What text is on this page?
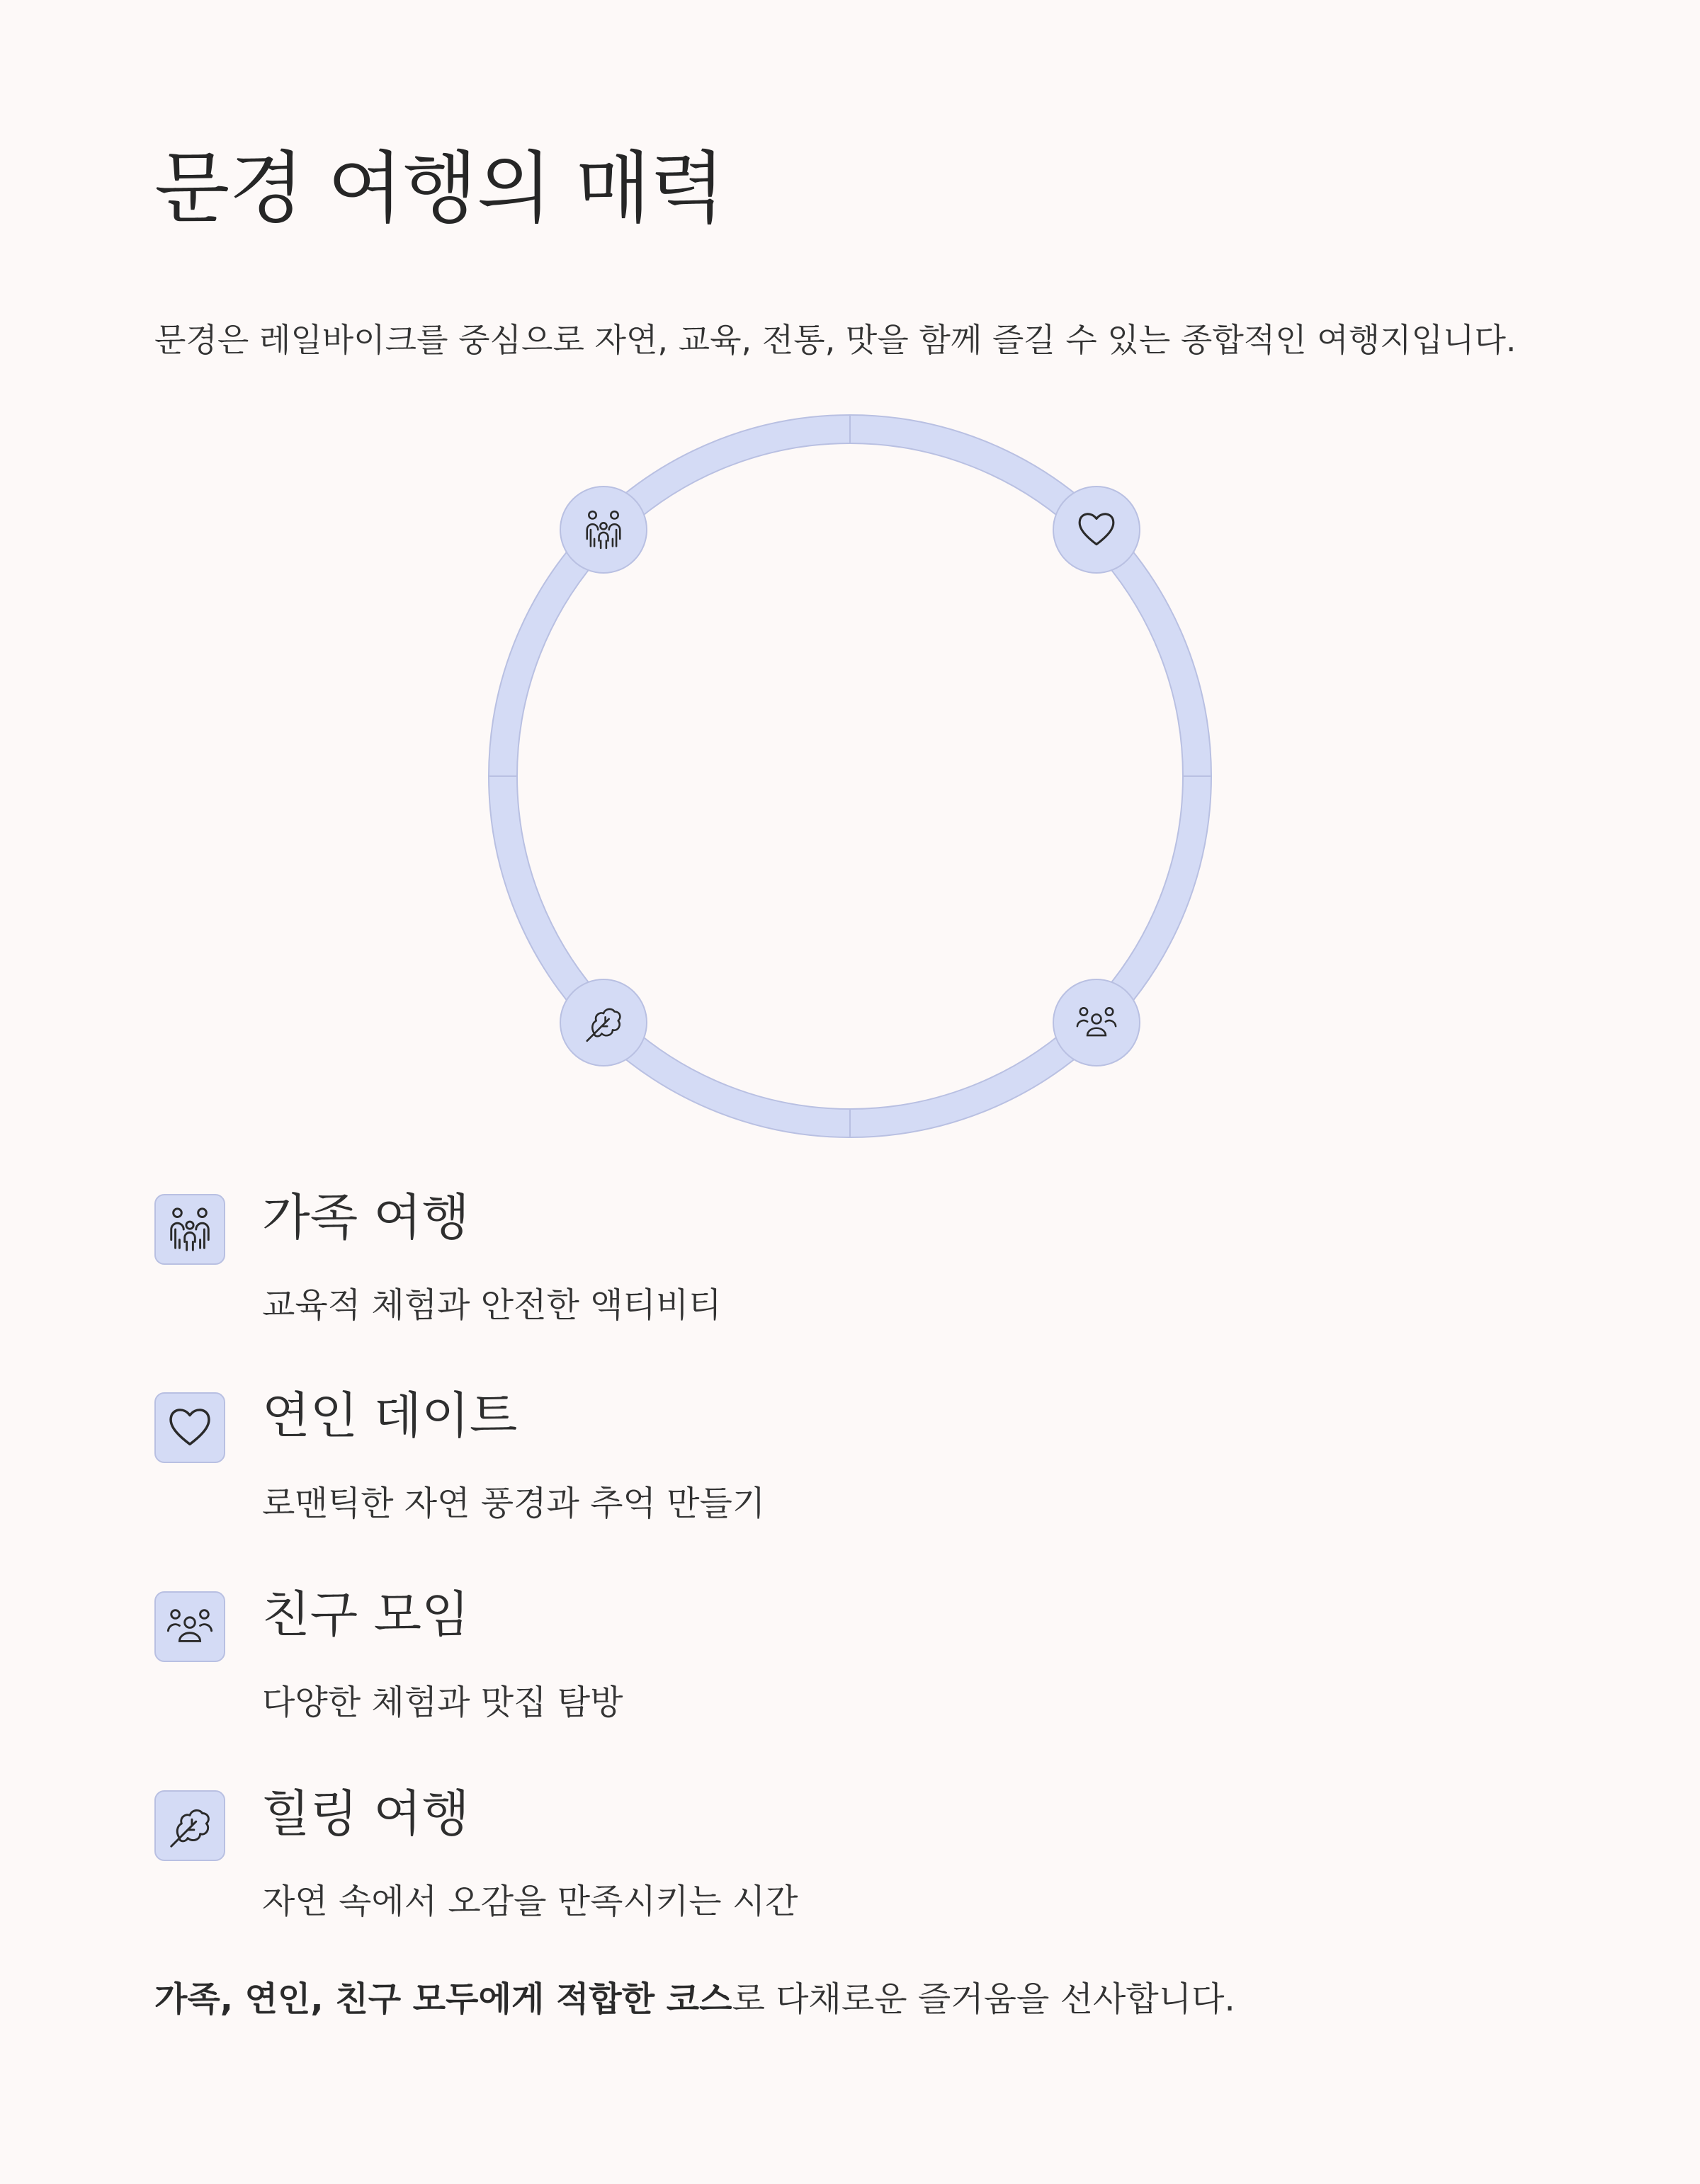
문경 여행의 매력

문경은 레일바이크를 중심으로 자연, 교육, 전통, 맛을 함께 즐길 수 있는 종합적인 여행지입니다.

가족 여행

교육적 체험과 안전한 액티비티

연인 데이트

로맨틱한 자연 풍경과 추억 만들기

친구 모임

다양한 체험과 맛집 탐방

힐링 여행

자연 속에서 오감을 만족시키는 시간

가족, 연인, 친구 모두에게 적합한 코스로 다채로운 즐거움을 선사합니다.
